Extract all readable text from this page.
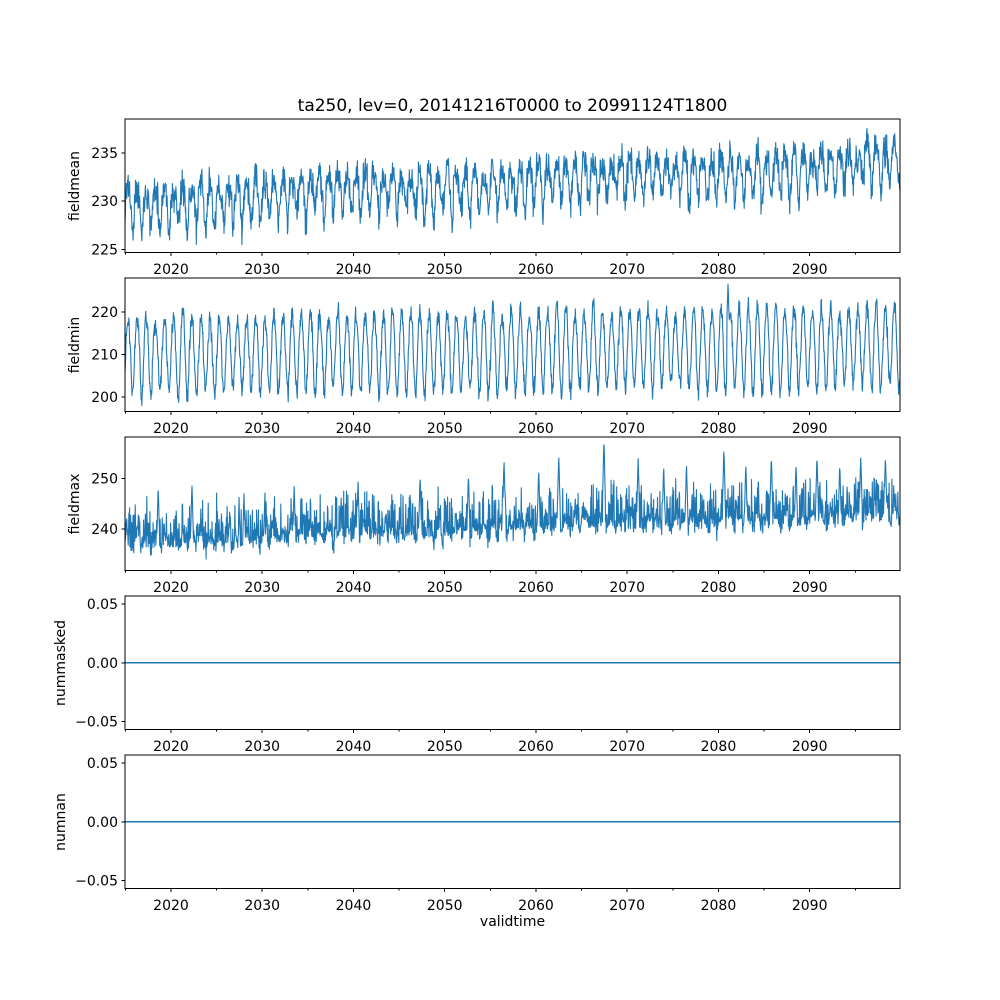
ta250, lev=0, 20141216T0000 to 20991124T1800
2020	2030	2040	2050	2060	2070	2080	2090
225
230
235
2020	2030	2040	2050	2060	2070	2080	2090
200
210
220
2020	2030	2040	2050	2060	2070	2080	2090
240
250
2020	2030	2040	2050	2060	2070	2080	2090
−0.05
0.00
0.05
2020	2030	2040	2050	2060	2070	2080	2090
−0.05
0.00
0.05
fieldmean
fieldmin
fieldmax
nummasked
numnan
validtime
